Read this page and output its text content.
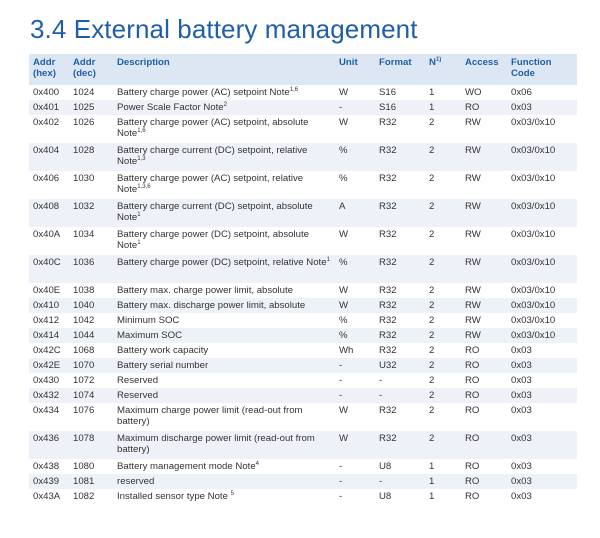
3.4 External battery management
Addr (hex)	Addr (dec)	Description	Unit	Format	$N^{1)}$	Access	Function Code
0x400	1024	Battery charge power (AC) setpoint Note$^{1,6}$	W	S16	1	WO	0x06
0x401	1025	Power Scale Factor Note$^2$	-	S16	1	RO	0x03
0x402	1026	Battery charge power (AC) setpoint, absolute Note$^{1,6}$	W	R32	2	RW	0x03/0x10
0x404	1028	Battery charge current (DC) setpoint, relative Note$^{1,3}$	%	R32	2	RW	0x03/0x10
0x406	1030	Battery charge power (AC) setpoint, relative Note$^{1,3,6}$	%	R32	2	RW	0x03/0x10
0x408	1032	Battery charge current (DC) setpoint, absolute Note$^1$	A	R32	2	RW	0x03/0x10
0x40A	1034	Battery charge power (DC) setpoint, absolute Note$^1$	W	R32	2	RW	0x03/0x10
0x40C	1036	Battery charge power (DC) setpoint, relative Note$^1$	%	R32	2	RW	0x03/0x10
0x40E	1038	Battery max. charge power limit, absolute	W	R32	2	RW	0x03/0x10
0x410	1040	Battery max. discharge power limit, absolute	W	R32	2	RW	0x03/0x10
0x412	1042	Minimum SOC	%	R32	2	RW	0x03/0x10
0x414	1044	Maximum SOC	%	R32	2	RW	0x03/0x10
0x42C	1068	Battery work capacity	Wh	R32	2	RO	0x03
0x42E	1070	Battery serial number	-	U32	2	RO	0x03
0x430	1072	Reserved	-	-	2	RO	0x03
0x432	1074	Reserved	-	-	2	RO	0x03
0x434	1076	Maximum charge power limit (read-out from battery)	W	R32	2	RO	0x03
0x436	1078	Maximum discharge power limit (read-out from battery)	W	R32	2	RO	0x03
0x438	1080	Battery management mode Note$^4$	-	U8	1	RO	0x03
0x439	1081	reserved	-	-	1	RO	0x03
0x43A	1082	Installed sensor type Note $^5$	-	U8	1	RO	0x03
